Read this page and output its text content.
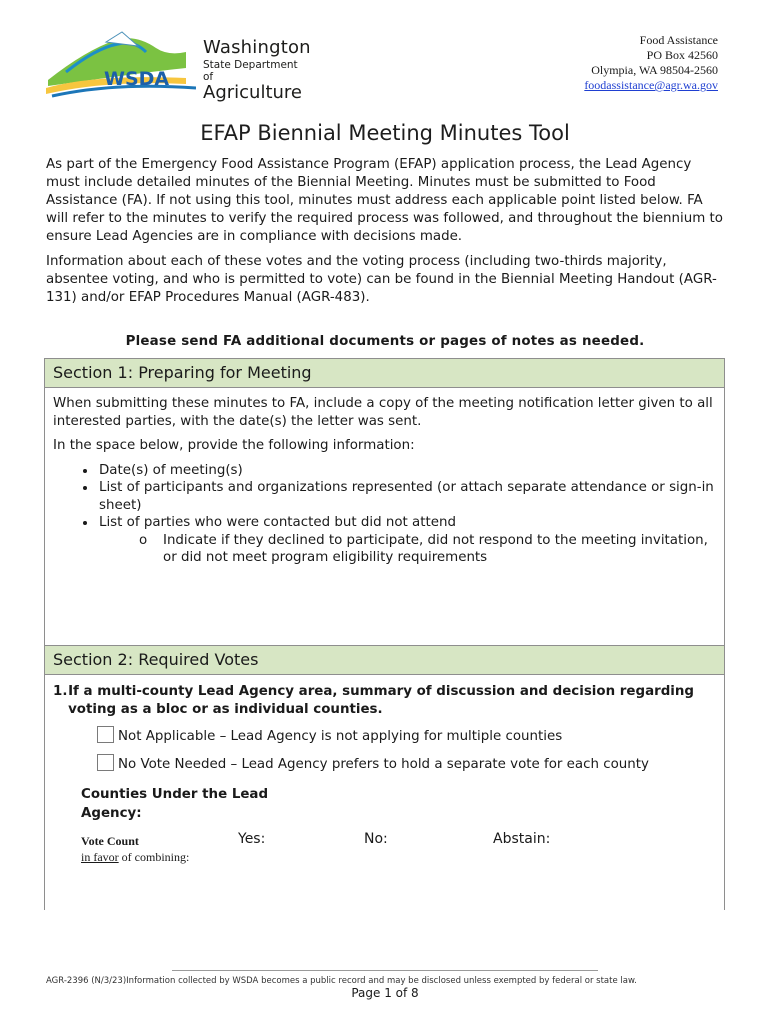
WSDA
Washington
State Department of
Agriculture
Food Assistance
PO Box 42560
Olympia, WA 98504-2560
foodassistance@agr.wa.gov
EFAP Biennial Meeting Minutes Tool

As part of the Emergency Food Assistance Program (EFAP) application process, the Lead Agency must include detailed minutes of the Biennial Meeting. Minutes must be submitted to Food Assistance (FA). If not using this tool, minutes must address each applicable point listed below. FA will refer to the minutes to verify the required process was followed, and throughout the biennium to ensure Lead Agencies are in compliance with decisions made.

Information about each of these votes and the voting process (including two-thirds majority, absentee voting, and who is permitted to vote) can be found in the Biennial Meeting Handout (AGR-131) and/or EFAP Procedures Manual (AGR-483).

Please send FA additional documents or pages of notes as needed.
Section 1: Preparing for Meeting

When submitting these minutes to FA, include a copy of the meeting notification letter given to all interested parties, with the date(s) the letter was sent.

In the space below, provide the following information:

• Date(s) of meeting(s)
• List of participants and organizations represented (or attach separate attendance or sign-in sheet)
• List of parties who were contacted but did not attend
o Indicate if they declined to participate, did not respond to the meeting invitation, or did not meet program eligibility requirements
Section 2: Required Votes
1. If a multi-county Lead Agency area, summary of discussion and decision regarding voting as a bloc or as individual counties.
Not Applicable – Lead Agency is not applying for multiple counties
No Vote Needed – Lead Agency prefers to hold a separate vote for each county
Counties Under the Lead Agency:
Vote Count
in favor of combining:
Yes:	No:	Abstain:
AGR-2396 (N/3/23)Information collected by WSDA becomes a public record and may be disclosed unless exempted by federal or state law.
Page 1 of 8
